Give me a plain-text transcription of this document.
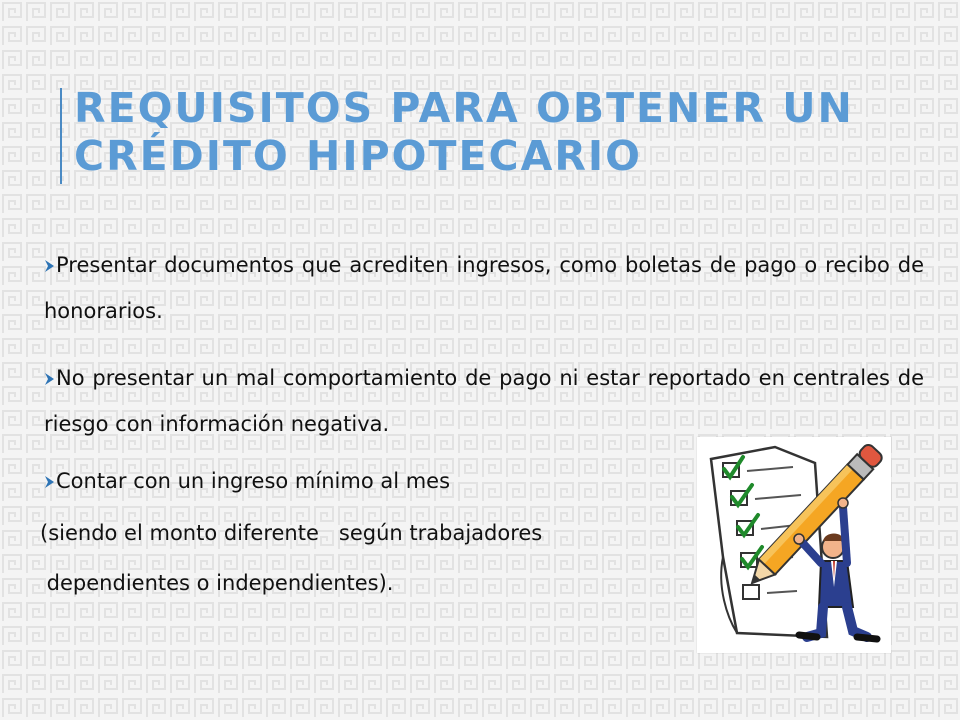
REQUISITOS PARA OBTENER UN
CRÉDITO HIPOTECARIO
Presentar documentos que acrediten ingresos, como boletas de pago o recibo de honorarios.
No presentar un mal comportamiento de pago ni estar reportado en centrales de riesgo con información negativa.
Contar con un ingreso mínimo al mes
(siendo el monto diferente   según trabajadores
dependientes o independientes).
